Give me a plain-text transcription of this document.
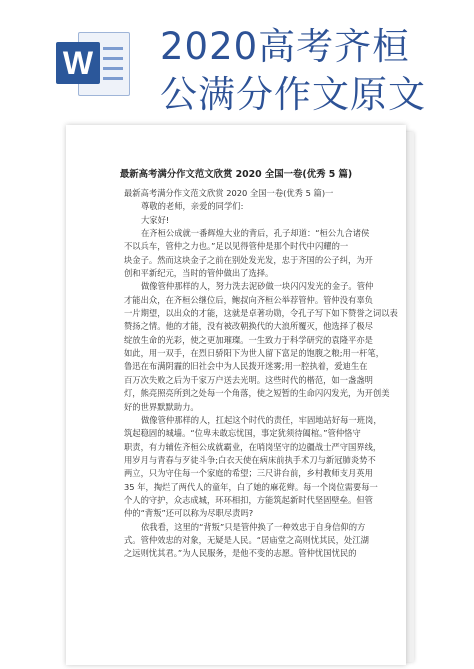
W 2020高考齐桓
公满分作文原文
最新高考满分作文范文欣赏 2020 全国一卷(优秀 5 篇)
最新高考满分作文范文欣赏 2020 全国一卷(优秀 5 篇)一
尊敬的老师，亲爱的同学们:
大家好!
在齐桓公成就一番辉煌大业的背后，孔子却道：“桓公九合诸侯
不以兵车，管仲之力也。”足以见得管仲是那个时代中闪耀的一
块金子。然而这块金子之前在别处发光发，忠于齐国的公子纠，为开
创和平新纪元，当时的管仲做出了选择。
做像管仲那样的人，努力洗去泥砂做一块闪闪发光的金子。管仲
才能出众，在齐桓公继位后，鲍叔向齐桓公举荐管仲。管仲没有辜负
一片期望，以出众的才能，这就是卓著功勋，令孔子写下如下赞誉之词以表
赞扬之情。他的才能，没有被改朝换代的大浪所覆灭，他选择了极尽
绽放生命的光彩，使之更加璀璨。一生致力于科学研究的袁隆平亦是
如此，用一双手，在烈日骄阳下为世人留下富足的饱腹之粮;用一杆笔，
鲁迅在布满阴霾的旧社会中为人民拨开迷雾;用一腔执着，爱迪生在
百万次失败之后为千家万户送去光明。这些时代的楷范，如一盏盏明
灯，熊亮照亮所到之处每一个角落，使之短暂的生命闪闪发光，为开创美
好的世界默默助力。
做像管仲那样的人，扛起这个时代的责任，牢固地站好每一班岗，
筑起稳固的城墙。“位卑未敢忘忧国，事定犹须待阖棺。”管仲恪守
职责，有力辅佐齐桓公成就霸业，在哨岗坚守的边疆战士严守国界线，
用岁月与青春与歹徒斗争;白衣天使在病床前执手术刀与新冠肺炎势不
两立，只为守住每一个家庭的希望；三尺讲台前，乡村教师支月英用
35 年，掏烂了两代人的童年，白了她的麻花辫。每一个岗位需要每一
个人的守护，众志成城，环环相扣，方能筑起新时代坚固壁垒。但管
仲的“背叛”还可以称为尽职尽责吗?
依我看，这里的“背叛”只是管仲换了一种效忠于自身信仰的方
式。管仲效忠的对象，无疑是人民。“居庙堂之高则忧其民，处江湖
之远则忧其君。”为人民服务，是他不变的志愿。管仲忧国忧民的
